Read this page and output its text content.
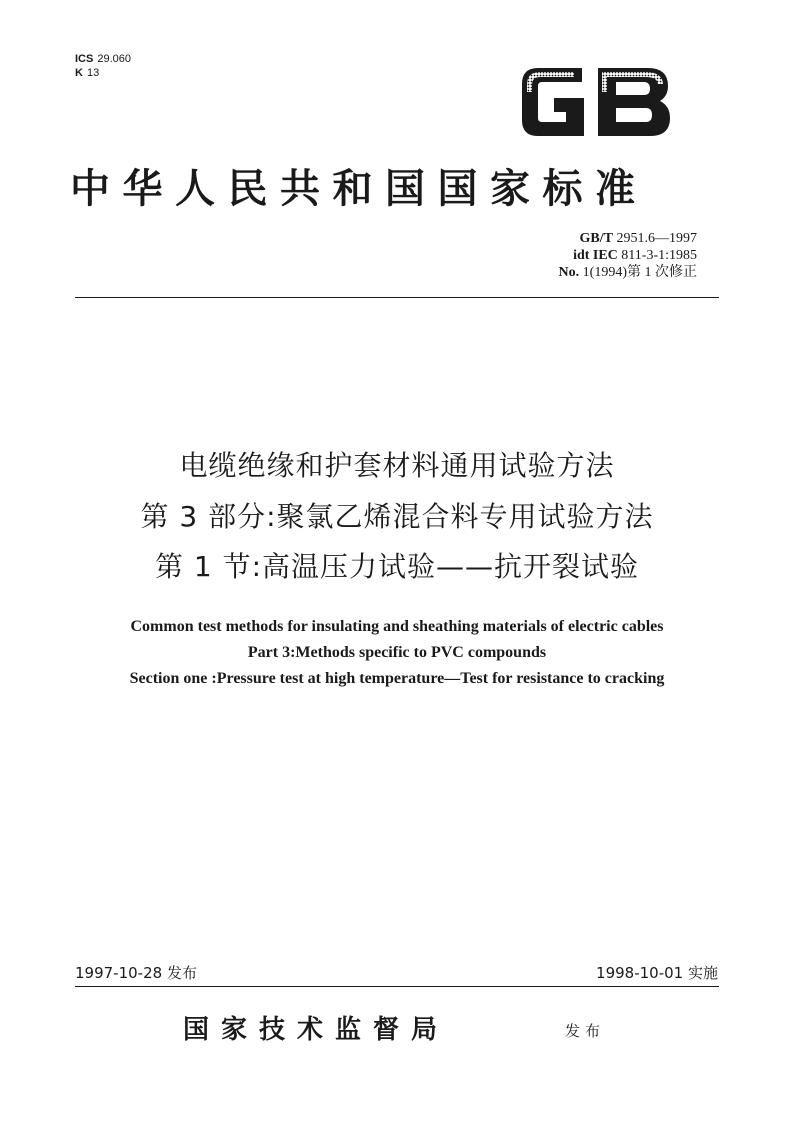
ICS 29.060
K 13
中华人民共和国国家标准
GB/T 2951.6—1997
idt IEC 811-3-1:1985
No. 1(1994)第 1 次修正
电缆绝缘和护套材料通用试验方法
第 3 部分:聚氯乙烯混合料专用试验方法
第 1 节:高温压力试验——抗开裂试验
Common test methods for insulating and sheathing materials of electric cables
Part 3:Methods specific to PVC compounds
Section one :Pressure test at high temperature—Test for resistance to cracking
1997-10-28 发布	1998-10-01 实施
国家技术监督局	发布
